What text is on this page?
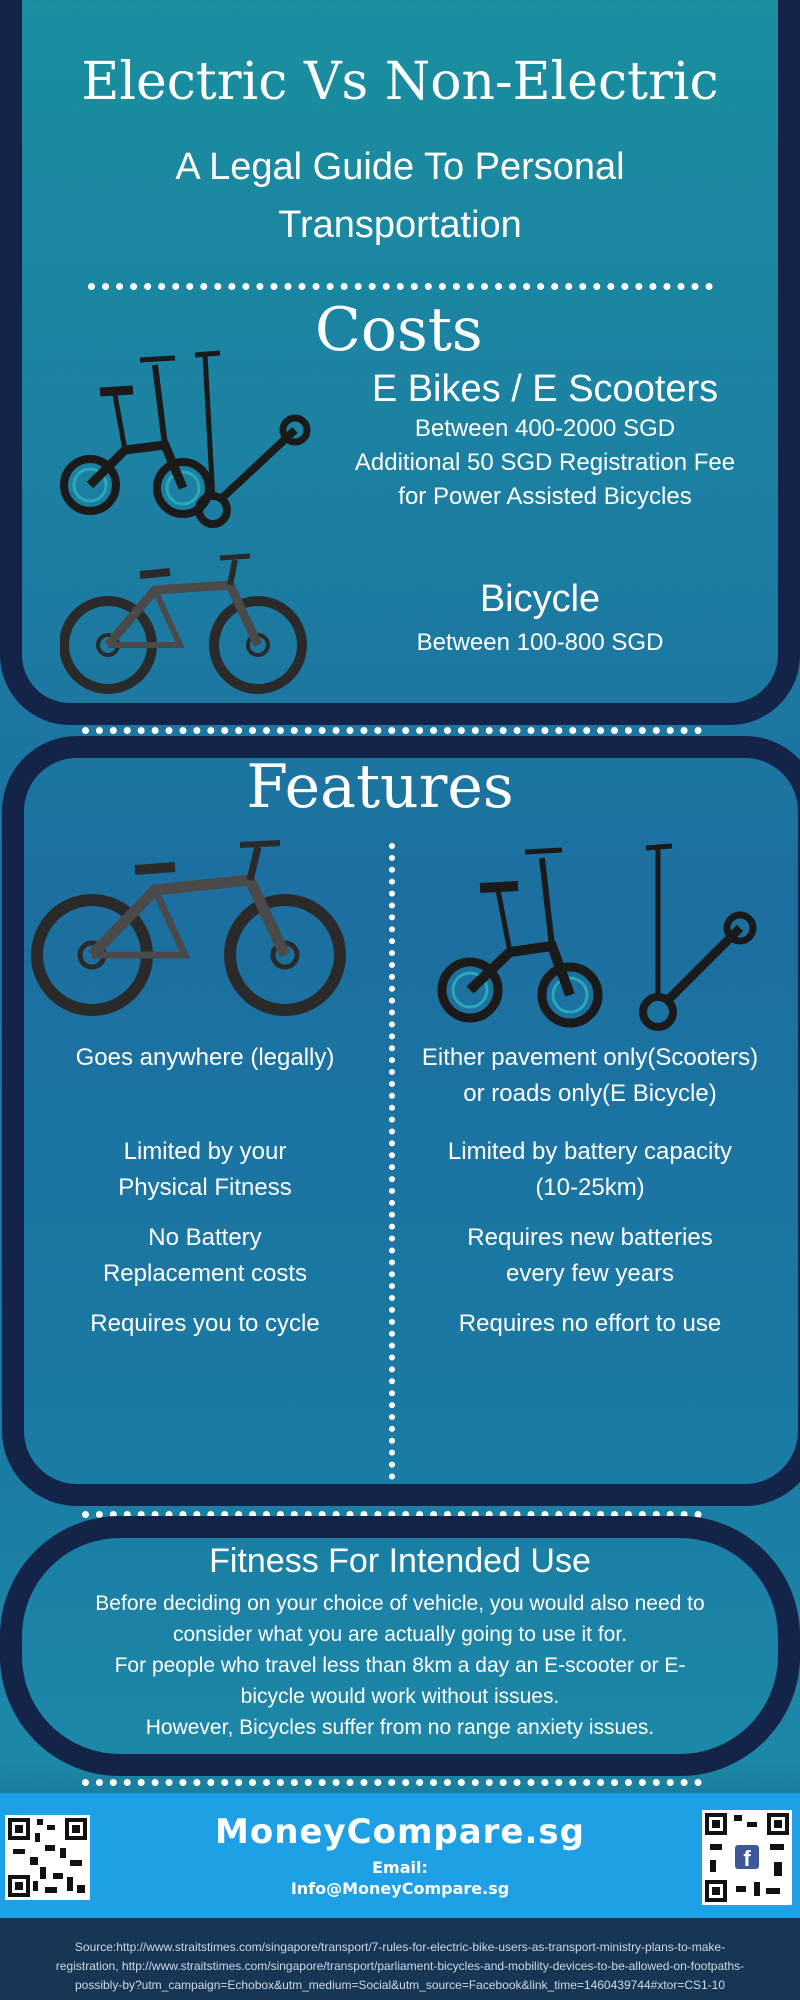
Electric Vs Non-Electric
A Legal Guide To Personal
Transportation
Costs
E Bikes / E Scooters
Between 400-2000 SGD
Additional 50 SGD Registration Fee
for Power Assisted Bicycles
Bicycle
Between 100-800 SGD
Features
Goes anywhere (legally)
Limited by your
Physical Fitness
No Battery
Replacement costs
Requires you to cycle
Either pavement only(Scooters)
or roads only(E Bicycle)
Limited by battery capacity
(10-25km)
Requires new batteries
every few years
Requires no effort to use
Fitness For Intended Use
Before deciding on your choice of vehicle, you would also need to
consider what you are actually going to use it for.
For people who travel less than 8km a day an E-scooter or E-
bicycle would work without issues.
However, Bicycles suffer from no range anxiety issues.
f
MoneyCompare.sg
Email:
Info@MoneyCompare.sg
Source:http://www.straitstimes.com/singapore/transport/7-rules-for-electric-bike-users-as-transport-ministry-plans-to-make-
registration, http://www.straitstimes.com/singapore/transport/parliament-bicycles-and-mobility-devices-to-be-allowed-on-footpaths-
possibly-by?utm_campaign=Echobox&utm_medium=Social&utm_source=Facebook&link_time=1460439744#xtor=CS1-10
